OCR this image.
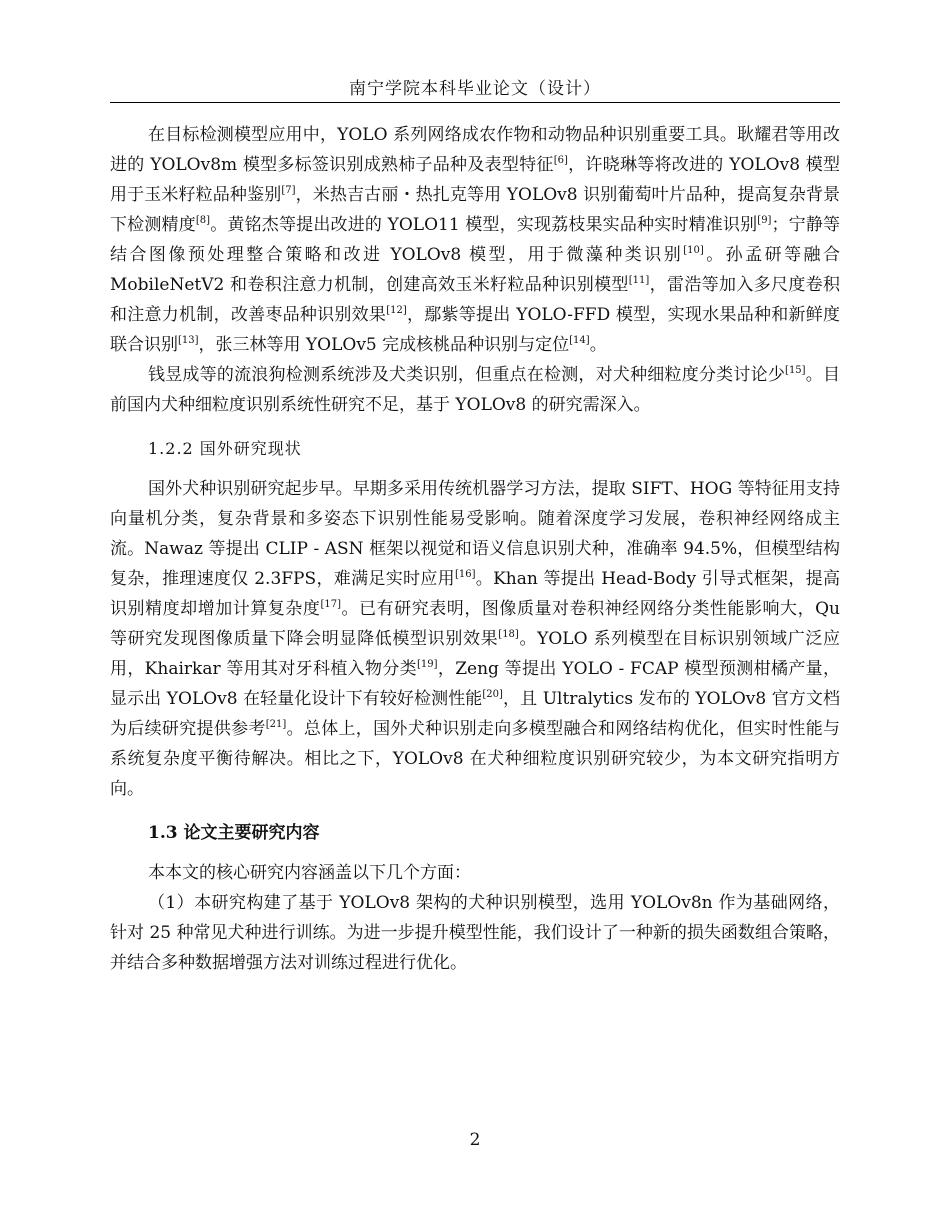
南宁学院本科毕业论文（设计）

在目标检测模型应用中，YOLO 系列网络成农作物和动物品种识别重要工具。耿耀君等用改进的 YOLOv8m 模型多标签识别成熟柿子品种及表型特征[6]，许晓琳等将改进的 YOLOv8 模型用于玉米籽粒品种鉴别[7]，米热吉古丽・热扎克等用 YOLOv8 识别葡萄叶片品种，提高复杂背景下检测精度[8]。黄铭杰等提出改进的 YOLO11 模型，实现荔枝果实品种实时精准识别[9]；宁静等结合图像预处理整合策略和改进 YOLOv8 模型，用于微藻种类识别[10]。孙孟研等融合 MobileNetV2 和卷积注意力机制，创建高效玉米籽粒品种识别模型[11]，雷浩等加入多尺度卷积和注意力机制，改善枣品种识别效果[12]，鄢紫等提出 YOLO-FFD 模型，实现水果品种和新鲜度联合识别[13]，张三林等用 YOLOv5 完成核桃品种识别与定位[14]。

钱昱成等的流浪狗检测系统涉及犬类识别，但重点在检测，对犬种细粒度分类讨论少[15]。目前国内犬种细粒度识别系统性研究不足，基于 YOLOv8 的研究需深入。

1.2.2 国外研究现状

国外犬种识别研究起步早。早期多采用传统机器学习方法，提取 SIFT、HOG 等特征用支持向量机分类，复杂背景和多姿态下识别性能易受影响。随着深度学习发展，卷积神经网络成主流。Nawaz 等提出 CLIP - ASN 框架以视觉和语义信息识别犬种，准确率 94.5%，但模型结构复杂，推理速度仅 2.3FPS，难满足实时应用[16]。Khan 等提出 Head-Body 引导式框架，提高识别精度却增加计算复杂度[17]。已有研究表明，图像质量对卷积神经网络分类性能影响大，Qu 等研究发现图像质量下降会明显降低模型识别效果[18]。YOLO 系列模型在目标识别领域广泛应用，Khairkar 等用其对牙科植入物分类[19]，Zeng 等提出 YOLO - FCAP 模型预测柑橘产量，显示出 YOLOv8 在轻量化设计下有较好检测性能[20]，且 Ultralytics 发布的 YOLOv8 官方文档为后续研究提供参考[21]。总体上，国外犬种识别走向多模型融合和网络结构优化，但实时性能与系统复杂度平衡待解决。相比之下，YOLOv8 在犬种细粒度识别研究较少，为本文研究指明方向。

1.3 论文主要研究内容

本本文的核心研究内容涵盖以下几个方面：

（1）本研究构建了基于 YOLOv8 架构的犬种识别模型，选用 YOLOv8n 作为基础网络，针对 25 种常见犬种进行训练。为进一步提升模型性能，我们设计了一种新的损失函数组合策略，并结合多种数据增强方法对训练过程进行优化。

2
